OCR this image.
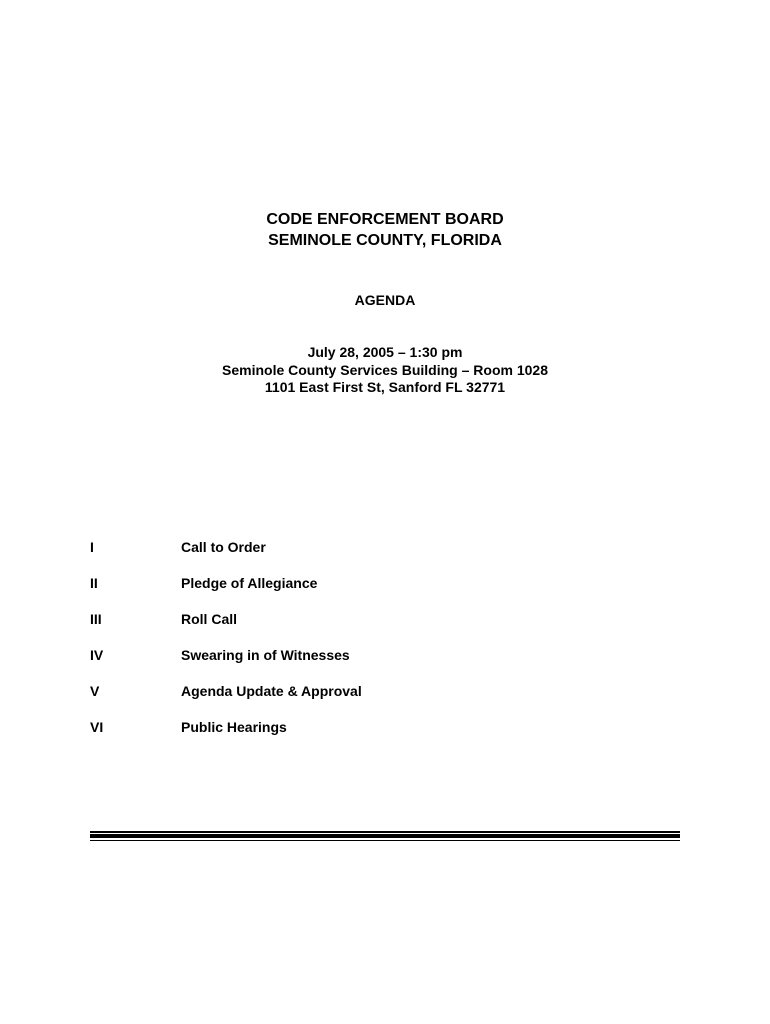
CODE ENFORCEMENT BOARD
SEMINOLE COUNTY, FLORIDA
AGENDA
July 28, 2005 – 1:30 pm
Seminole County Services Building – Room 1028
1101 East First St, Sanford FL 32771
I	Call to Order
II	Pledge of Allegiance
III	Roll Call
IV	Swearing in of Witnesses
V	Agenda Update & Approval
VI	Public Hearings
